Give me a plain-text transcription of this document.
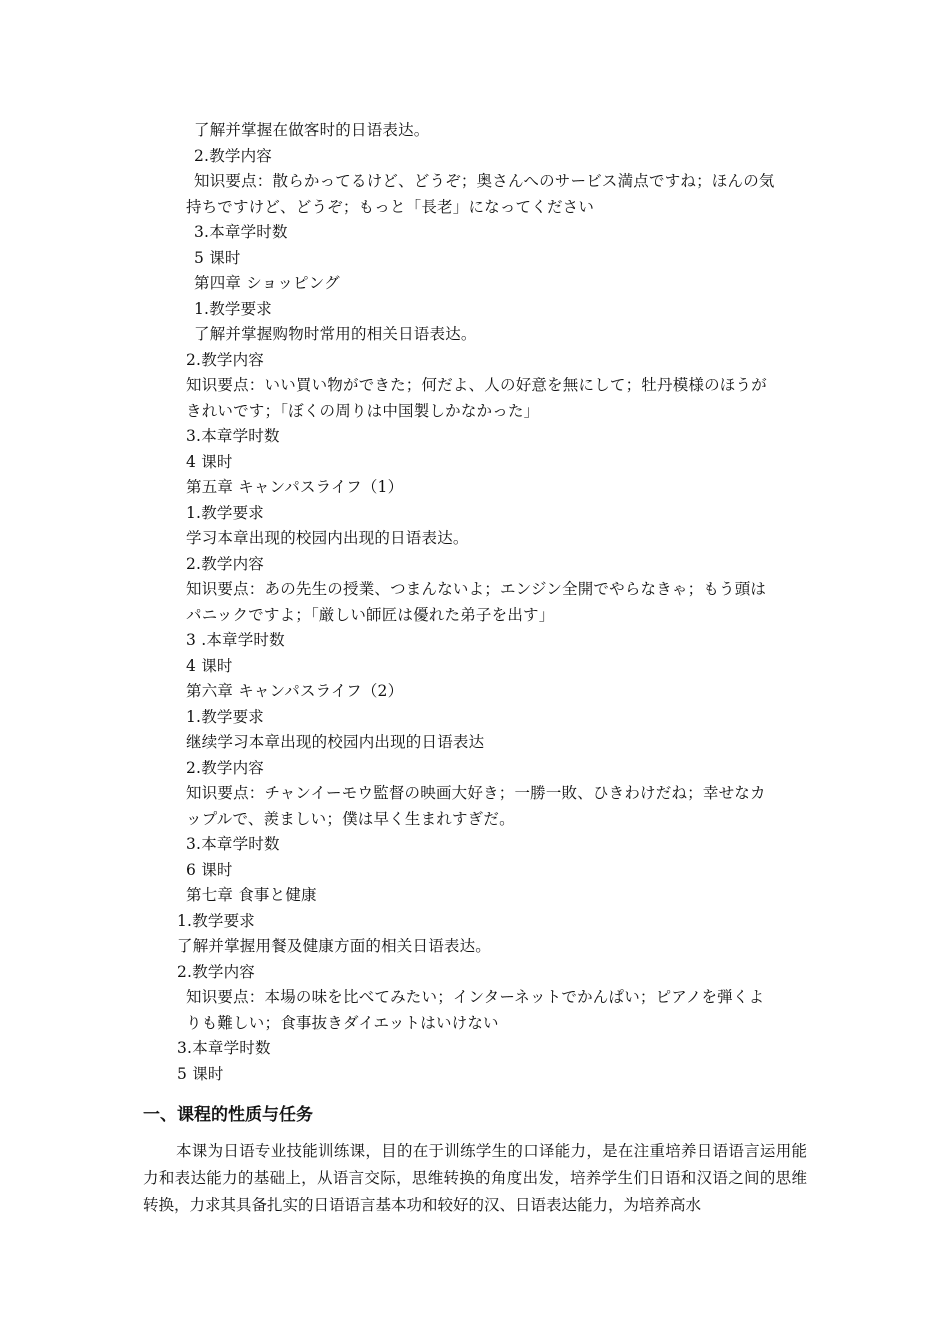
了解并掌握在做客时的日语表达。
2.教学内容
知识要点：散らかってるけど、どうぞ；奥さんへのサービス満点ですね；ほんの気
持ちですけど、どうぞ；もっと「長老」になってください
3.本章学时数
5 课时
第四章 ショッピング
1.教学要求
了解并掌握购物时常用的相关日语表达。
2.教学内容
知识要点：いい買い物ができた；何だよ、人の好意を無にして；牡丹模様のほうが
きれいです；「ぼくの周りは中国製しかなかった」
3.本章学时数
4 课时
第五章 キャンパスライフ（1）
1.教学要求
学习本章出现的校园内出现的日语表达。
2.教学内容
知识要点：あの先生の授業、つまんないよ；エンジン全開でやらなきゃ；もう頭は
パニックですよ；「厳しい師匠は優れた弟子を出す」
3 .本章学时数
4 课时
第六章 キャンパスライフ（2）
1.教学要求
继续学习本章出现的校园内出现的日语表达
2.教学内容
知识要点：チャンイーモウ監督の映画大好き；一勝一敗、ひきわけだね；幸せなカ
ップルで、羨ましい；僕は早く生まれすぎだ。
3.本章学时数
6 课时
第七章 食事と健康
1.教学要求
了解并掌握用餐及健康方面的相关日语表达。
2.教学内容
知识要点：本場の味を比べてみたい；インターネットでかんぱい；ピアノを弾くよ
りも難しい；食事抜きダイエットはいけない
3.本章学时数
5 课时
一、课程的性质与任务
本课为日语专业技能训练课，目的在于训练学生的口译能力，是在注重培养日语语言运用能力和表达能力的基础上，从语言交际，思维转换的角度出发，培养学生们日语和汉语之间的思维转换，力求其具备扎实的日语语言基本功和较好的汉、日语表达能力，为培养高水
